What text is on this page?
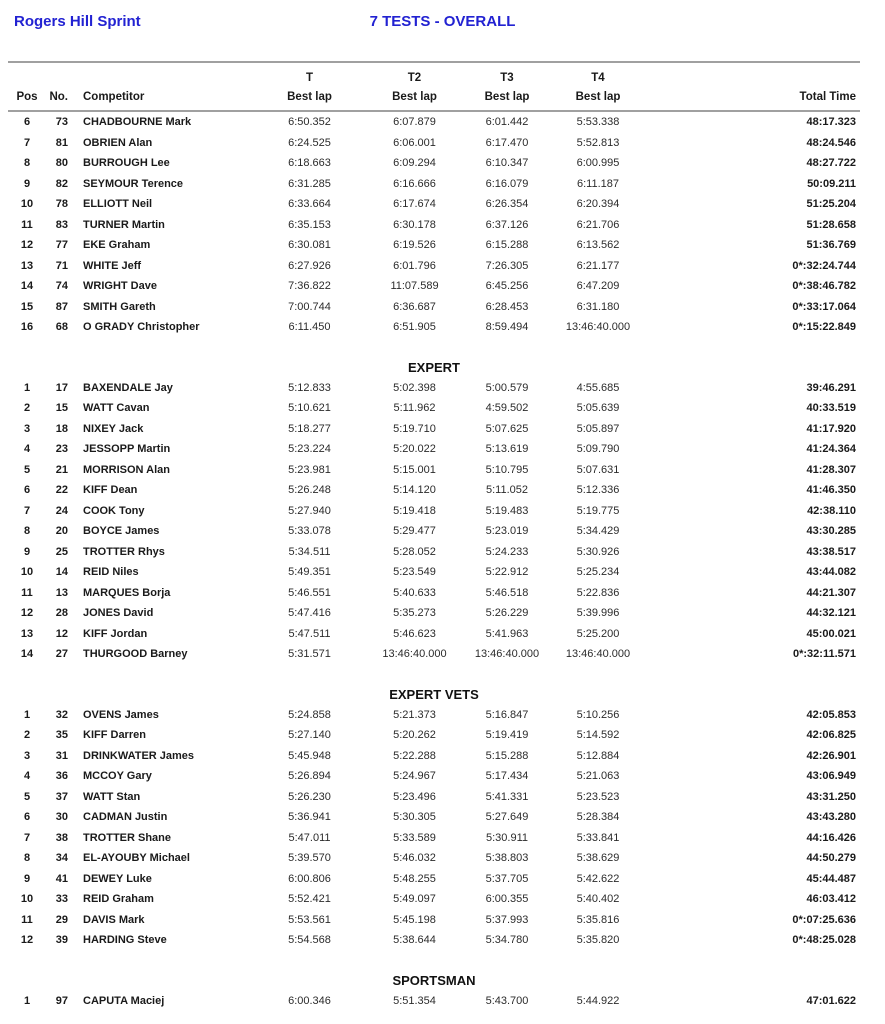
Rogers Hill Sprint	7 TESTS - OVERALL
			T	T2	T3	T4	
Pos	No.	Competitor	Best lap	Best lap	Best lap	Best lap	Total Time
6	73	CHADBOURNE Mark	6:50.352	6:07.879	6:01.442	5:53.338	48:17.323
7	81	OBRIEN Alan	6:24.525	6:06.001	6:17.470	5:52.813	48:24.546
8	80	BURROUGH Lee	6:18.663	6:09.294	6:10.347	6:00.995	48:27.722
9	82	SEYMOUR Terence	6:31.285	6:16.666	6:16.079	6:11.187	50:09.211
10	78	ELLIOTT Neil	6:33.664	6:17.674	6:26.354	6:20.394	51:25.204
11	83	TURNER Martin	6:35.153	6:30.178	6:37.126	6:21.706	51:28.658
12	77	EKE Graham	6:30.081	6:19.526	6:15.288	6:13.562	51:36.769
13	71	WHITE Jeff	6:27.926	6:01.796	7:26.305	6:21.177	0*:32:24.744
14	74	WRIGHT Dave	7:36.822	11:07.589	6:45.256	6:47.209	0*:38:46.782
15	87	SMITH Gareth	7:00.744	6:36.687	6:28.453	6:31.180	0*:33:17.064
16	68	O GRADY Christopher	6:11.450	6:51.905	8:59.494	13:46:40.000	0*:15:22.849
EXPERT							
1	17	BAXENDALE Jay	5:12.833	5:02.398	5:00.579	4:55.685	39:46.291
2	15	WATT Cavan	5:10.621	5:11.962	4:59.502	5:05.639	40:33.519
3	18	NIXEY Jack	5:18.277	5:19.710	5:07.625	5:05.897	41:17.920
4	23	JESSOPP Martin	5:23.224	5:20.022	5:13.619	5:09.790	41:24.364
5	21	MORRISON Alan	5:23.981	5:15.001	5:10.795	5:07.631	41:28.307
6	22	KIFF Dean	5:26.248	5:14.120	5:11.052	5:12.336	41:46.350
7	24	COOK Tony	5:27.940	5:19.418	5:19.483	5:19.775	42:38.110
8	20	BOYCE James	5:33.078	5:29.477	5:23.019	5:34.429	43:30.285
9	25	TROTTER Rhys	5:34.511	5:28.052	5:24.233	5:30.926	43:38.517
10	14	REID Niles	5:49.351	5:23.549	5:22.912	5:25.234	43:44.082
11	13	MARQUES Borja	5:46.551	5:40.633	5:46.518	5:22.836	44:21.307
12	28	JONES David	5:47.416	5:35.273	5:26.229	5:39.996	44:32.121
13	12	KIFF Jordan	5:47.511	5:46.623	5:41.963	5:25.200	45:00.021
14	27	THURGOOD Barney	5:31.571	13:46:40.000	13:46:40.000	13:46:40.000	0*:32:11.571
EXPERT VETS							
1	32	OVENS James	5:24.858	5:21.373	5:16.847	5:10.256	42:05.853
2	35	KIFF Darren	5:27.140	5:20.262	5:19.419	5:14.592	42:06.825
3	31	DRINKWATER James	5:45.948	5:22.288	5:15.288	5:12.884	42:26.901
4	36	MCCOY Gary	5:26.894	5:24.967	5:17.434	5:21.063	43:06.949
5	37	WATT Stan	5:26.230	5:23.496	5:41.331	5:23.523	43:31.250
6	30	CADMAN Justin	5:36.941	5:30.305	5:27.649	5:28.384	43:43.280
7	38	TROTTER Shane	5:47.011	5:33.589	5:30.911	5:33.841	44:16.426
8	34	EL-AYOUBY Michael	5:39.570	5:46.032	5:38.803	5:38.629	44:50.279
9	41	DEWEY Luke	6:00.806	5:48.255	5:37.705	5:42.622	45:44.487
10	33	REID Graham	5:52.421	5:49.097	6:00.355	5:40.402	46:03.412
11	29	DAVIS Mark	5:53.561	5:45.198	5:37.993	5:35.816	0*:07:25.636
12	39	HARDING Steve	5:54.568	5:38.644	5:34.780	5:35.820	0*:48:25.028
SPORTSMAN							
1	97	CAPUTA Maciej	6:00.346	5:51.354	5:43.700	5:44.922	47:01.622
